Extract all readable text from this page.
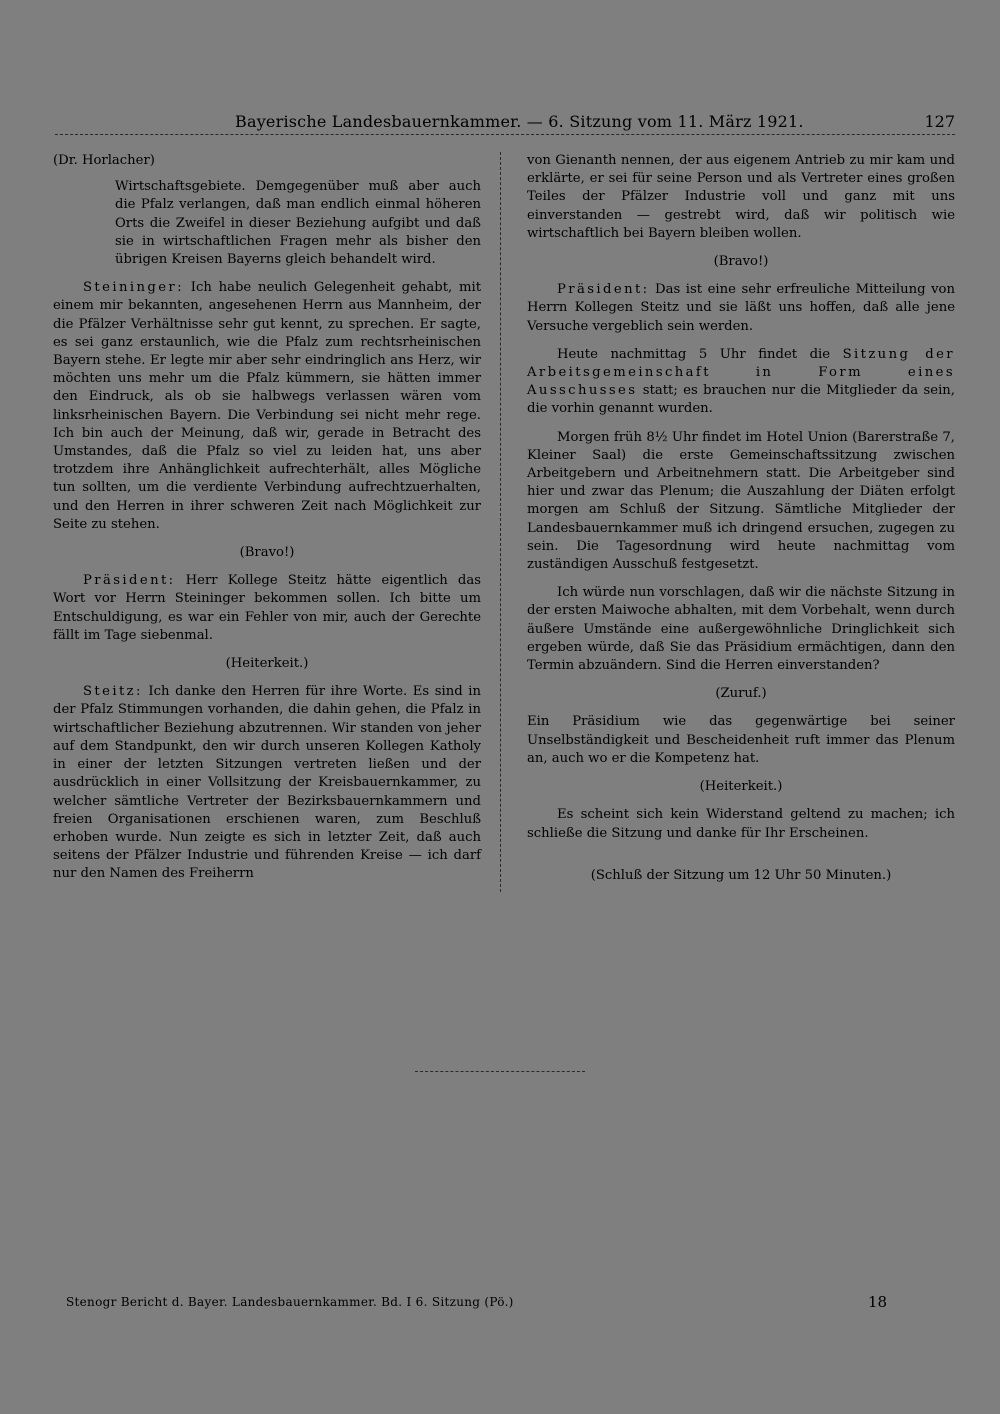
Bayerische Landesbauernkammer. — 6. Sitzung vom 11. März 1921.	127

(Dr. Horlacher)

Wirtschaftsgebiete. Demgegenüber muß aber auch die Pfalz verlangen, daß man endlich einmal höheren Orts die Zweifel in dieser Beziehung aufgibt und daß sie in wirtschaftlichen Fragen mehr als bisher den übrigen Kreisen Bayerns gleich behandelt wird.

Steininger: Ich habe neulich Gelegenheit gehabt, mit einem mir bekannten, angesehenen Herrn aus Mannheim, der die Pfälzer Verhältnisse sehr gut kennt, zu sprechen. Er sagte, es sei ganz erstaunlich, wie die Pfalz zum rechtsrheinischen Bayern stehe. Er legte mir aber sehr eindringlich ans Herz, wir möchten uns mehr um die Pfalz kümmern, sie hätten immer den Eindruck, als ob sie halbwegs verlassen wären vom linksrheinischen Bayern. Die Verbindung sei nicht mehr rege. Ich bin auch der Meinung, daß wir, gerade in Betracht des Umstandes, daß die Pfalz so viel zu leiden hat, uns aber trotzdem ihre Anhänglichkeit aufrechterhält, alles Mögliche tun sollten, um die verdiente Verbindung aufrechtzuerhalten, und den Herren in ihrer schweren Zeit nach Möglichkeit zur Seite zu stehen.

(Bravo!)

Präsident: Herr Kollege Steitz hätte eigentlich das Wort vor Herrn Steininger bekommen sollen. Ich bitte um Entschuldigung, es war ein Fehler von mir, auch der Gerechte fällt im Tage siebenmal.

(Heiterkeit.)

Steitz: Ich danke den Herren für ihre Worte. Es sind in der Pfalz Stimmungen vorhanden, die dahin gehen, die Pfalz in wirtschaftlicher Beziehung abzutrennen. Wir standen von jeher auf dem Standpunkt, den wir durch unseren Kollegen Katholy in einer der letzten Sitzungen vertreten ließen und der ausdrücklich in einer Vollsitzung der Kreisbauernkammer, zu welcher sämtliche Vertreter der Bezirksbauernkammern und freien Organisationen erschienen waren, zum Beschluß erhoben wurde. Nun zeigte es sich in letzter Zeit, daß auch seitens der Pfälzer Industrie und führenden Kreise — ich darf nur den Namen des Freiherrn

von Gienanth nennen, der aus eigenem Antrieb zu mir kam und erklärte, er sei für seine Person und als Vertreter eines großen Teiles der Pfälzer Industrie voll und ganz mit uns einverstanden — gestrebt wird, daß wir politisch wie wirtschaftlich bei Bayern bleiben wollen.

(Bravo!)

Präsident: Das ist eine sehr erfreuliche Mitteilung von Herrn Kollegen Steitz und sie läßt uns hoffen, daß alle jene Versuche vergeblich sein werden.

Heute nachmittag 5 Uhr findet die Sitzung der Arbeitsgemeinschaft in Form eines Ausschusses statt; es brauchen nur die Mitglieder da sein, die vorhin genannt wurden.

Morgen früh 8½ Uhr findet im Hotel Union (Barerstraße 7, Kleiner Saal) die erste Gemeinschaftssitzung zwischen Arbeitgebern und Arbeitnehmern statt. Die Arbeitgeber sind hier und zwar das Plenum; die Auszahlung der Diäten erfolgt morgen am Schluß der Sitzung. Sämtliche Mitglieder der Landesbauernkammer muß ich dringend ersuchen, zugegen zu sein. Die Tagesordnung wird heute nachmittag vom zuständigen Ausschuß festgesetzt.

Ich würde nun vorschlagen, daß wir die nächste Sitzung in der ersten Maiwoche abhalten, mit dem Vorbehalt, wenn durch äußere Umstände eine außergewöhnliche Dringlichkeit sich ergeben würde, daß Sie das Präsidium ermächtigen, dann den Termin abzuändern. Sind die Herren einverstanden?

(Zuruf.)

Ein Präsidium wie das gegenwärtige bei seiner Unselbständigkeit und Bescheidenheit ruft immer das Plenum an, auch wo er die Kompetenz hat.

(Heiterkeit.)

Es scheint sich kein Widerstand geltend zu machen; ich schließe die Sitzung und danke für Ihr Erscheinen.

(Schluß der Sitzung um 12 Uhr 50 Minuten.)

Stenogr Bericht d. Bayer. Landesbauernkammer. Bd. I 6. Sitzung (Pö.)	18
